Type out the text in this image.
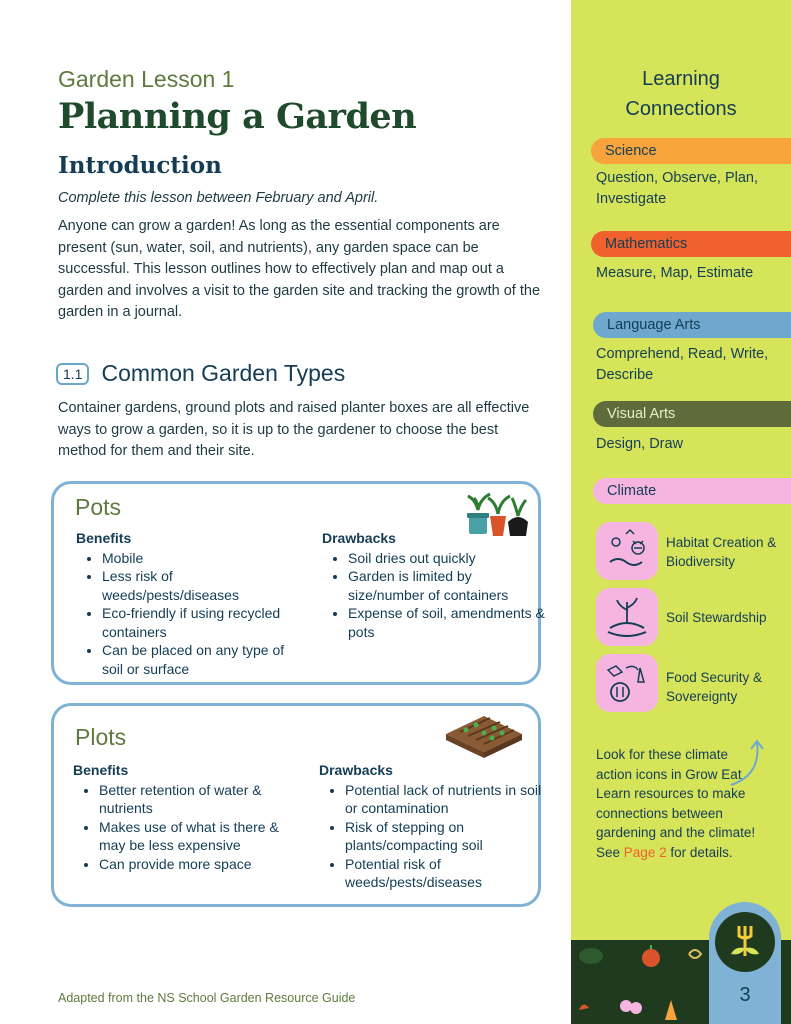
Garden Lesson 1
Planning a Garden
Introduction
Complete this lesson between February and April.
Anyone can grow a garden! As long as the essential components are present (sun, water, soil, and nutrients), any garden space can be successful. This lesson outlines how to effectively plan and map out a garden and involves a visit to the garden site and tracking the growth of the garden in a journal.
1.1 Common Garden Types
Container gardens, ground plots and raised planter boxes are all effective ways to grow a garden, so it is up to the gardener to choose the best method for them and their site.
Pots
Benefits
• Mobile
• Less risk of weeds/pests/diseases
• Eco-friendly if using recycled containers
• Can be placed on any type of soil or surface
Drawbacks
• Soil dries out quickly
• Garden is limited by size/number of containers
• Expense of soil, amendments & pots
Plots
Benefits
• Better retention of water & nutrients
• Makes use of what is there & may be less expensive
• Can provide more space
Drawbacks
• Potential lack of nutrients in soil or contamination
• Risk of stepping on plants/compacting soil
• Potential risk of weeds/pests/diseases
Adapted from the NS School Garden Resource Guide
Learning
Connections
Science
Question, Observe, Plan, Investigate
Mathematics
Measure, Map, Estimate
Language Arts
Comprehend, Read, Write, Describe
Visual Arts
Design, Draw
Climate
Habitat Creation & Biodiversity
Soil Stewardship
Food Security & Sovereignty
Look for these climate action icons in Grow Eat Learn resources to make connections between gardening and the climate! See Page 2 for details.
3
